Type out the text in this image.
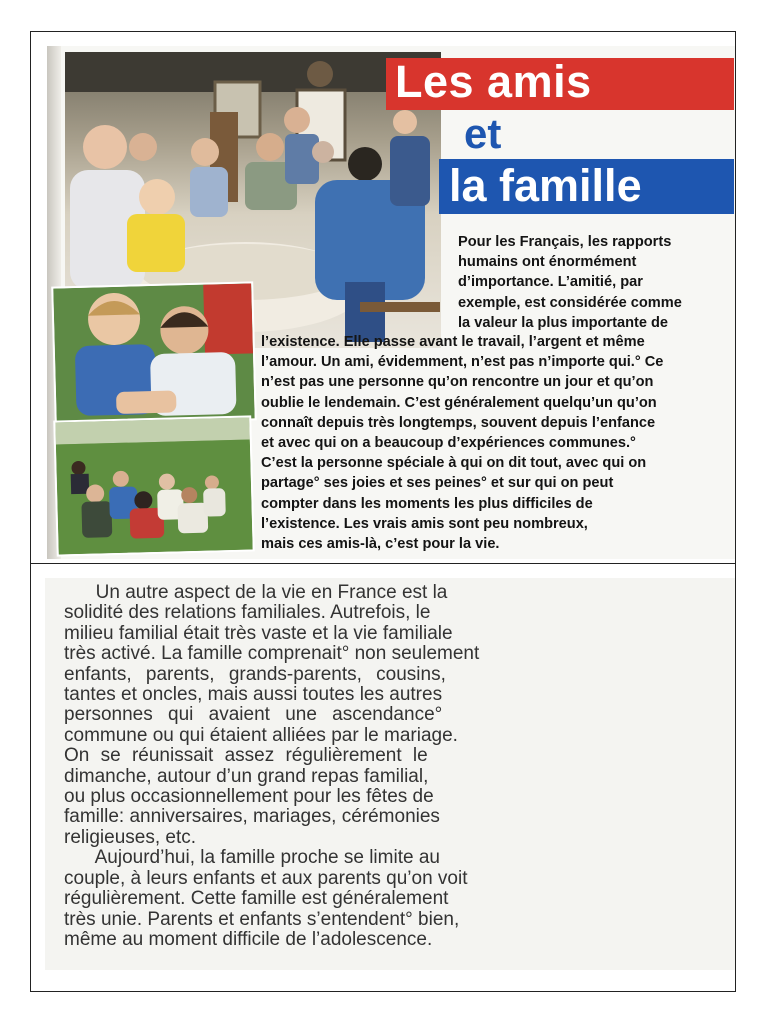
Les amis
et
la famille
Pour les Français, les rapports
humains ont énormément
d’importance. L’amitié, par
exemple, est considérée comme
la valeur la plus importante de
l’existence. Elle passe avant le travail, l’argent et même
l’amour. Un ami, évidemment, n’est pas n’importe qui.° Ce
n’est pas une personne qu’on rencontre un jour et qu’on
oublie le lendemain. C’est généralement quelqu’un qu’on
connaît depuis très longtemps, souvent depuis l’enfance
et avec qui on a beaucoup d’expériences communes.°
C’est la personne spéciale à qui on dit tout, avec qui on
partage° ses joies et ses peines° et sur qui on peut
compter dans les moments les plus difficiles de
l’existence. Les vrais amis sont peu nombreux,
mais ces amis-là, c’est pour la vie.
Un autre aspect de la vie en France est la
solidité des relations familiales. Autrefois, le
milieu familial était très vaste et la vie familiale
très activé. La famille comprenait° non seulement
enfants, parents, grands-parents, cousins,
tantes et oncles, mais aussi toutes les autres
personnes qui avaient une ascendance°
commune ou qui étaient alliées par le mariage.
On se réunissait assez régulièrement le
dimanche, autour d’un grand repas familial,
ou plus occasionnellement pour les fêtes de
famille: anniversaires, mariages, cérémonies
religieuses, etc.
Aujourd’hui, la famille proche se limite au
couple, à leurs enfants et aux parents qu’on voit
régulièrement. Cette famille est généralement
très unie. Parents et enfants s’entendent° bien,
même au moment difficile de l’adolescence.
